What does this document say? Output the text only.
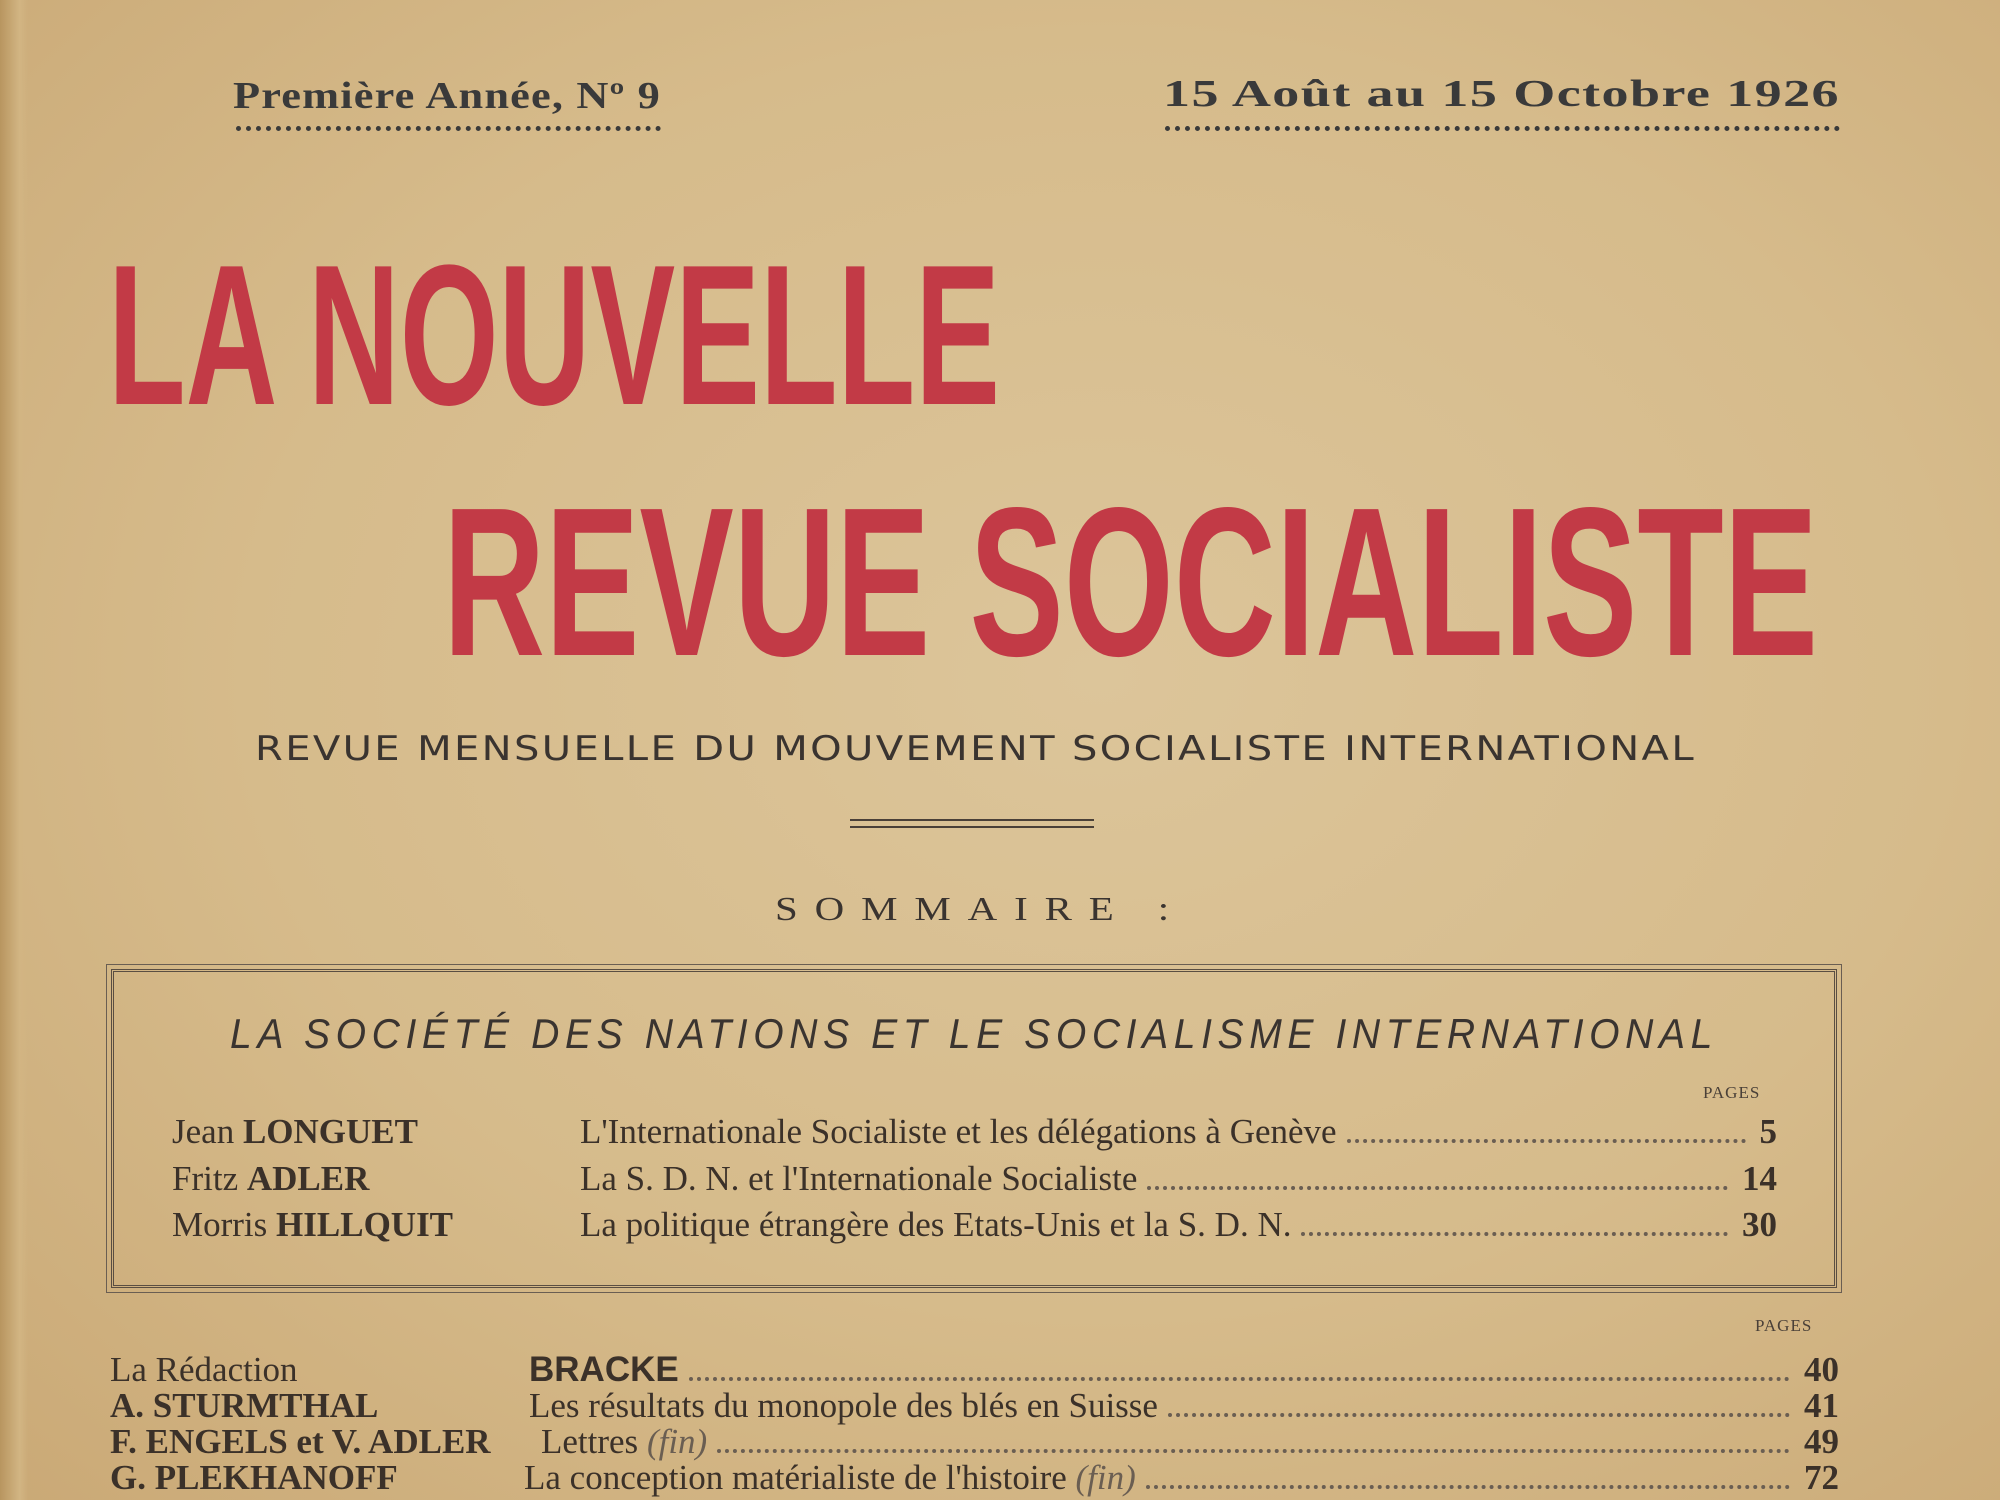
Première Année, Nº 9	15 Août au 15 Octobre 1926
LA NOUVELLE
REVUE SOCIALISTE
REVUE MENSUELLE DU MOUVEMENT SOCIALISTE INTERNATIONAL
SOMMAIRE :
LA SOCIÉTÉ DES NATIONS ET LE SOCIALISME INTERNATIONAL
PAGES
Jean LONGUET	L'Internationale Socialiste et les délégations à Genève	5
Fritz ADLER	La S. D. N. et l'Internationale Socialiste	14
Morris HILLQUIT	La politique étrangère des Etats-Unis et la S. D. N.	30
PAGES
La Rédaction	BRACKE	40
A. STURMTHAL	Les résultats du monopole des blés en Suisse	41
F. ENGELS et V. ADLER	Lettres (fin)	49
G. PLEKHANOFF	La conception matérialiste de l'histoire (fin)	72
